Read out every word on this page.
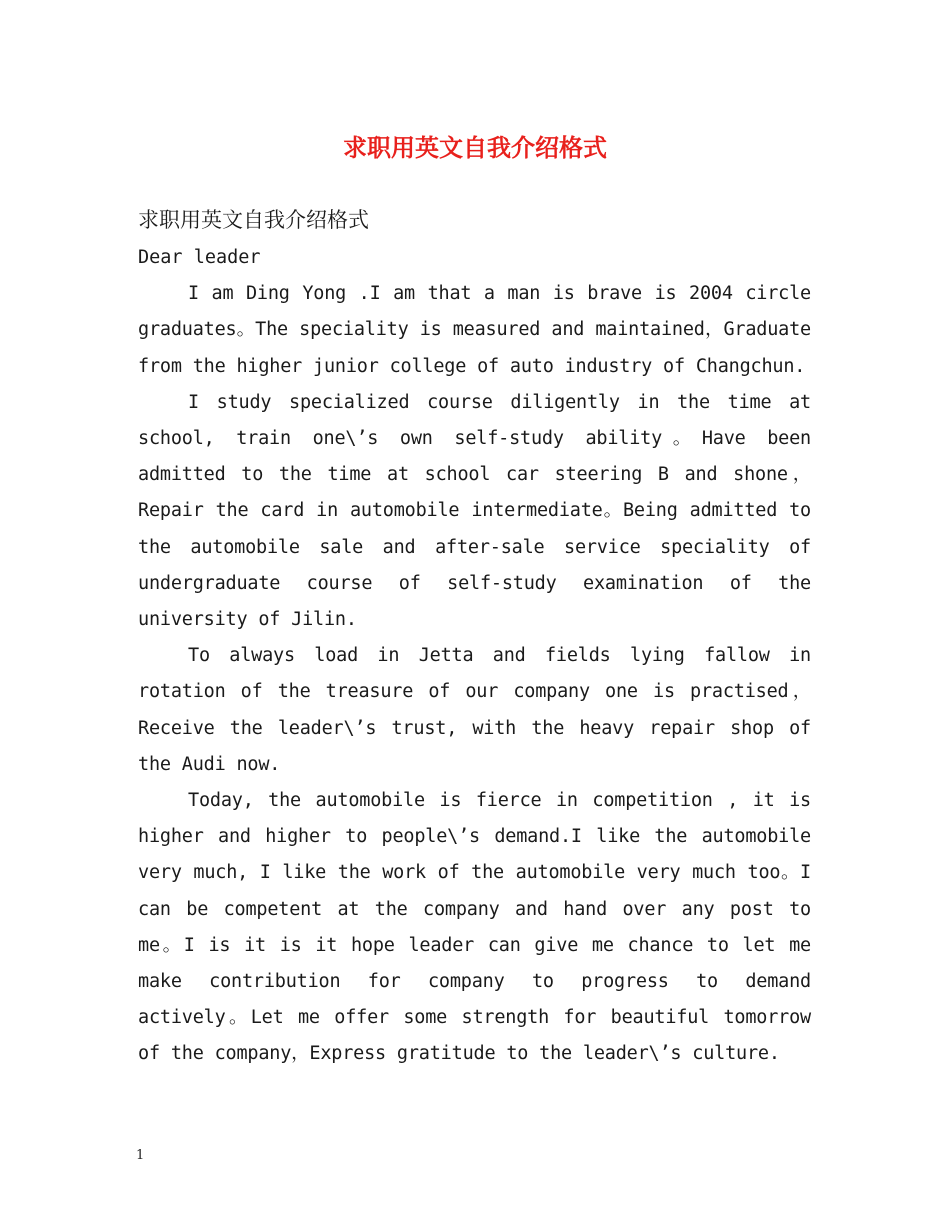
求职用英文自我介绍格式

求职用英文自我介绍格式

Dear leader

I am Ding Yong .I am that a man is brave is 2004 circle graduates。The speciality is measured and maintained，Graduate from the higher junior college of auto industry of Changchun.

I study specialized course diligently in the time at school, train one\’s own self-study ability。Have been admitted to the time at school car steering B and shone， Repair the card in automobile intermediate。Being admitted to the automobile sale and after-sale service speciality of undergraduate course of self-study examination of the university of Jilin.

To always load in Jetta and fields lying fallow in rotation of the treasure of our company one is practised，Receive the leader\’s trust, with the heavy repair shop of the Audi now.

Today, the automobile is fierce in competition , it is higher and higher to people\’s demand.I like the automobile very much, I like the work of the automobile very much too。I can be competent at the company and hand over any post to me。I is it is it hope leader can give me chance to let me make contribution for company to progress to demand actively。Let me offer some strength for beautiful tomorrow of the company，Express gratitude to the leader\’s culture.

1
